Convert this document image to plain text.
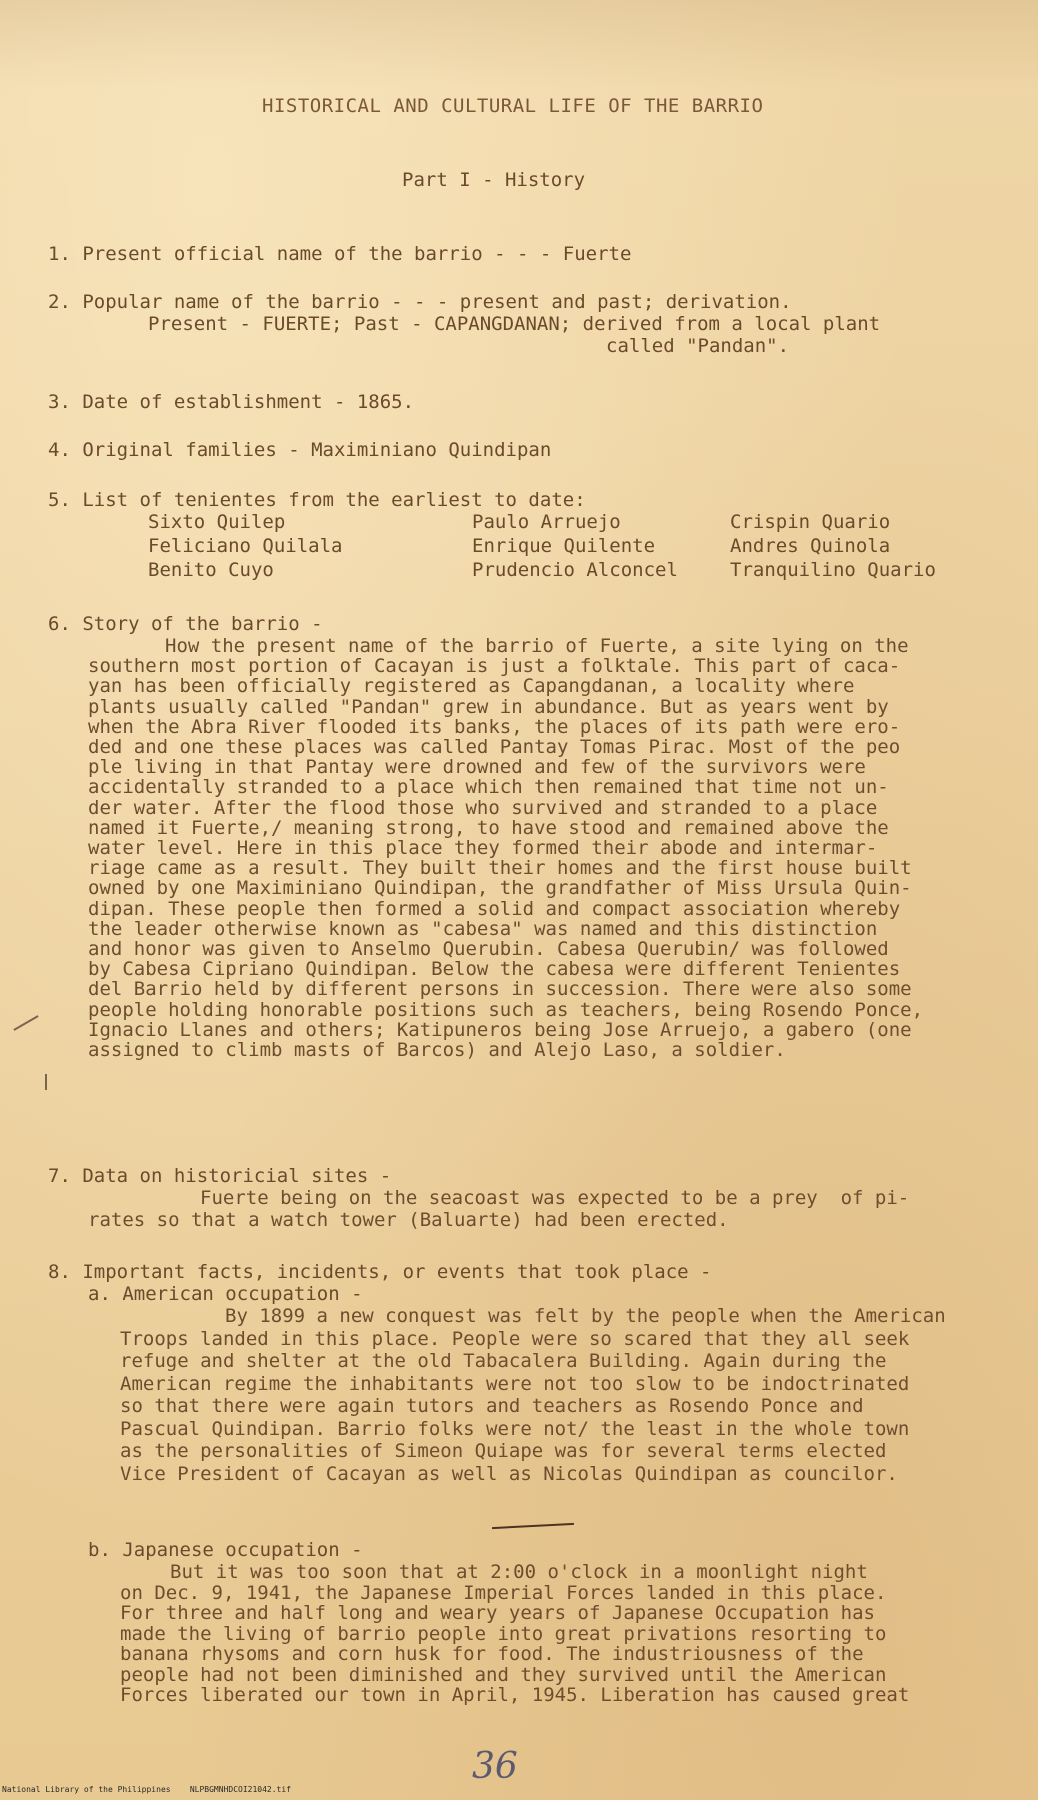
HISTORICAL AND CULTURAL LIFE OF THE BARRIO
Part I - History
1. Present official name of the barrio - - - Fuerte
2. Popular name of the barrio - - - present and past; derivation.
Present - FUERTE; Past - CAPANGDANAN; derived from a local plant
called "Pandan".
3. Date of establishment - 1865.
4. Original families - Maximiniano Quindipan
5. List of tenientes from the earliest to date:
Sixto Quilep
Feliciano Quilala
Benito Cuyo
Paulo Arruejo
Enrique Quilente
Prudencio Alconcel
Crispin Quario
Andres Quinola
Tranquilino Quario
6. Story of the barrio -
How the present name of the barrio of Fuerte, a site lying on the
southern most portion of Cacayan is just a folktale. This part of caca-
yan has been officially registered as Capangdanan, a locality where
plants usually called "Pandan" grew in abundance. But as years went by
when the Abra River flooded its banks, the places of its path were ero-
ded and one these places was called Pantay Tomas Pirac. Most of the peo
ple living in that Pantay were drowned and few of the survivors were
accidentally stranded to a place which then remained that time not un-
der water. After the flood those who survived and stranded to a place
named it Fuerte,/ meaning strong, to have stood and remained above the
water level. Here in this place they formed their abode and intermar-
riage came as a result. They built their homes and the first house built
owned by one Maximiniano Quindipan, the grandfather of Miss Ursula Quin-
dipan. These people then formed a solid and compact association whereby
the leader otherwise known as "cabesa" was named and this distinction
and honor was given to Anselmo Querubin. Cabesa Querubin/ was followed
by Cabesa Cipriano Quindipan. Below the cabesa were different Tenientes
del Barrio held by different persons in succession. There were also some
people holding honorable positions such as teachers, being Rosendo Ponce,
Ignacio Llanes and others; Katipuneros being Jose Arruejo, a gabero (one
assigned to climb masts of Barcos) and Alejo Laso, a soldier.
7. Data on historicial sites -
Fuerte being on the seacoast was expected to be a prey  of pi-
rates so that a watch tower (Baluarte) had been erected.
8. Important facts, incidents, or events that took place -
a. American occupation -
By 1899 a new conquest was felt by the people when the American
Troops landed in this place. People were so scared that they all seek
refuge and shelter at the old Tabacalera Building. Again during the
American regime the inhabitants were not too slow to be indoctrinated
so that there were again tutors and teachers as Rosendo Ponce and
Pascual Quindipan. Barrio folks were not/ the least in the whole town
as the personalities of Simeon Quiape was for several terms elected
Vice President of Cacayan as well as Nicolas Quindipan as councilor.
b. Japanese occupation -
But it was too soon that at 2:00 o'clock in a moonlight night
on Dec. 9, 1941, the Japanese Imperial Forces landed in this place.
For three and half long and weary years of Japanese Occupation has
made the living of barrio people into great privations resorting to
banana rhysoms and corn husk for food. The industriousness of the
people had not been diminished and they survived until the American
Forces liberated our town in April, 1945. Liberation has caused great
36
National Library of the Philippines    NLPBGMNHDCOI21042.tif
